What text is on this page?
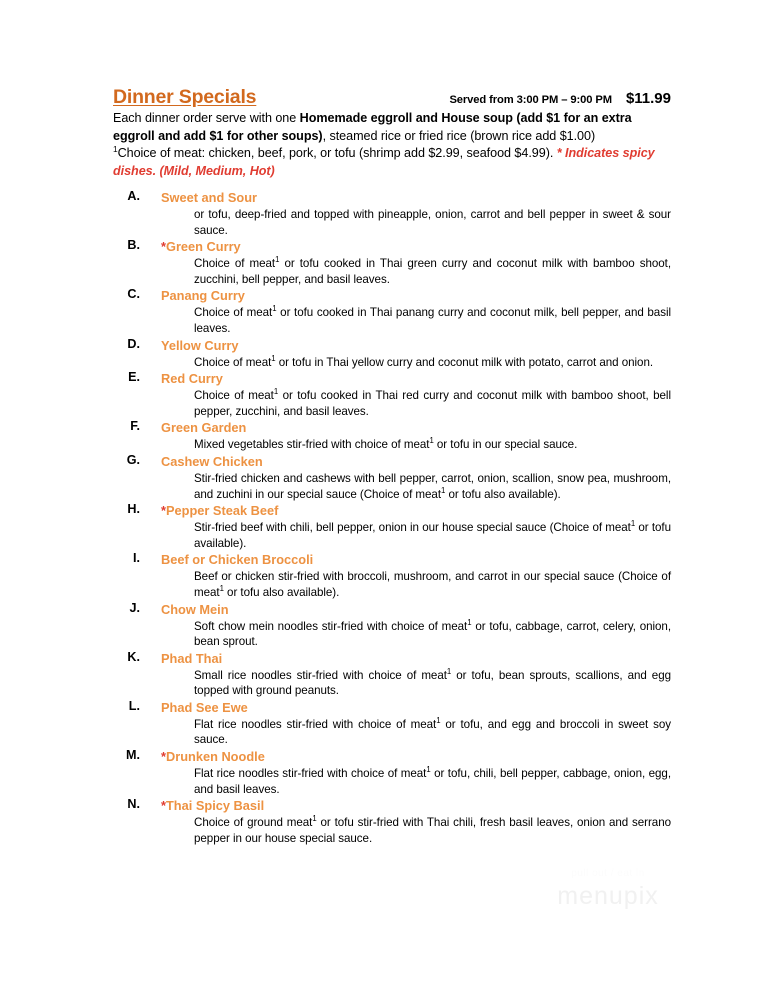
Dinner Specials	Served from 3:00 PM – 9:00 PM $11.99
Each dinner order serve with one Homemade eggroll and House soup (add $1 for an extra eggroll and add $1 for other soups), steamed rice or fried rice (brown rice add $1.00)
$^1$Choice of meat: chicken, beef, pork, or tofu (shrimp add $2.99, seafood $4.99). * Indicates spicy dishes. (Mild, Medium, Hot)
A. Sweet and Sour
or tofu, deep-fried and topped with pineapple, onion, carrot and bell pepper in sweet & sour sauce.
B. *Green Curry
Choice of meat$^1$ or tofu cooked in Thai green curry and coconut milk with bamboo shoot, zucchini, bell pepper, and basil leaves.
C. Panang Curry
Choice of meat$^1$ or tofu cooked in Thai panang curry and coconut milk, bell pepper, and basil leaves.
D. Yellow Curry
Choice of meat$^1$ or tofu in Thai yellow curry and coconut milk with potato, carrot and onion.
E. Red Curry
Choice of meat$^1$ or tofu cooked in Thai red curry and coconut milk with bamboo shoot, bell pepper, zucchini, and basil leaves.
F. Green Garden
Mixed vegetables stir-fried with choice of meat$^1$ or tofu in our special sauce.
G. Cashew Chicken
Stir-fried chicken and cashews with bell pepper, carrot, onion, scallion, snow pea, mushroom, and zuchini in our special sauce (Choice of meat$^1$ or tofu also available).
H. *Pepper Steak Beef
Stir-fried beef with chili, bell pepper, onion in our house special sauce (Choice of meat$^1$ or tofu available).
I. Beef or Chicken Broccoli
Beef or chicken stir-fried with broccoli, mushroom, and carrot in our special sauce (Choice of meat$^1$ or tofu also available).
J. Chow Mein
Soft chow mein noodles stir-fried with choice of meat$^1$ or tofu, cabbage, carrot, celery, onion, bean sprout.
K. Phad Thai
Small rice noodles stir-fried with choice of meat$^1$ or tofu, bean sprouts, scallions, and egg topped with ground peanuts.
L. Phad See Ewe
Flat rice noodles stir-fried with choice of meat$^1$ or tofu, and egg and broccoli in sweet soy sauce.
M. *Drunken Noodle
Flat rice noodles stir-fried with choice of meat$^1$ or tofu, chili, bell pepper, cabbage, onion, egg, and basil leaves.
N. *Thai Spicy Basil
Choice of ground meat$^1$ or tofu stir-fried with Thai chili, fresh basil leaves, onion and serrano pepper in our house special sauce.
pull out / eat in
menupix
